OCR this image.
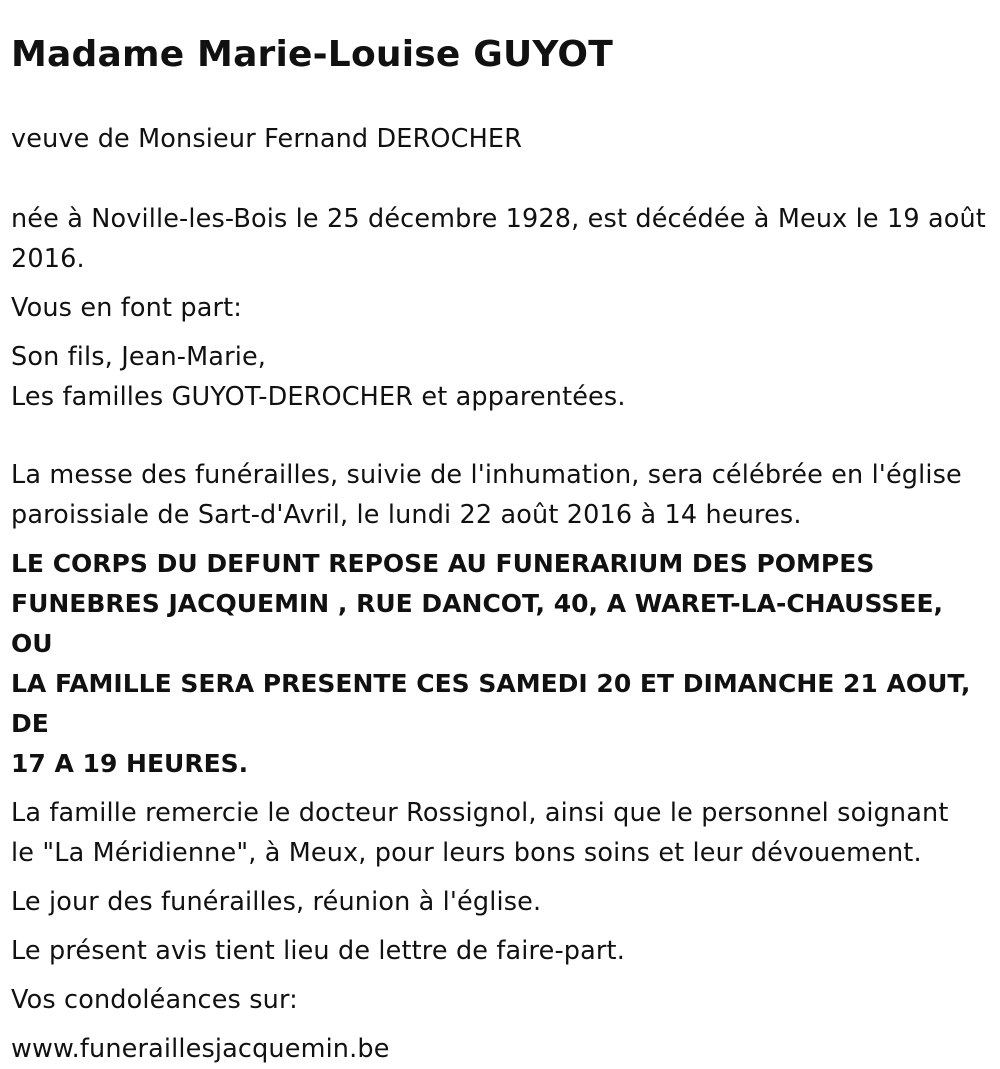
Madame Marie-Louise GUYOT

veuve de Monsieur Fernand DEROCHER

née à Noville-les-Bois le 25 décembre 1928, est décédée à Meux le 19 août
2016.

Vous en font part:

Son fils, Jean-Marie,
Les familles GUYOT-DEROCHER et apparentées.

La messe des funérailles, suivie de l'inhumation, sera célébrée en l'église
paroissiale de Sart-d'Avril, le lundi 22 août 2016 à 14 heures.

LE CORPS DU DEFUNT REPOSE AU FUNERARIUM DES POMPES
FUNEBRES JACQUEMIN , RUE DANCOT, 40, A WARET-LA-CHAUSSEE, OU
LA FAMILLE SERA PRESENTE CES SAMEDI 20 ET DIMANCHE 21 AOUT, DE
17 A 19 HEURES.

La famille remercie le docteur Rossignol, ainsi que le personnel soignant
le "La Méridienne", à Meux, pour leurs bons soins et leur dévouement.

Le jour des funérailles, réunion à l'église.

Le présent avis tient lieu de lettre de faire-part.

Vos condoléances sur:

www.funeraillesjacquemin.be
